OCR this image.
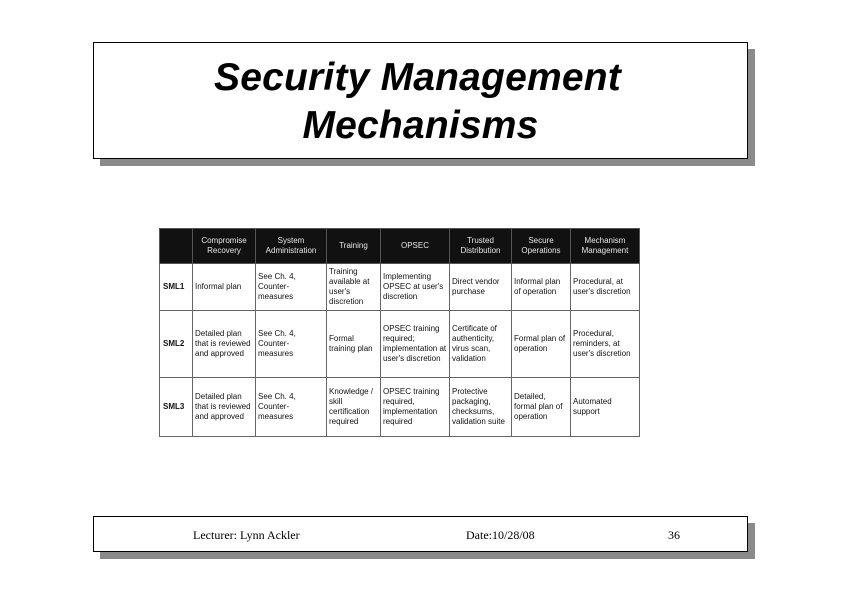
Security Management
Mechanisms
	Compromise Recovery	System Administration	Training	OPSEC	Trusted Distribution	Secure Operations	Mechanism Management
SML1	Informal plan	See Ch. 4, Counter-measures	Training available at user's discretion	Implementing OPSEC at user's discretion	Direct vendor purchase	Informal plan of operation	Procedural, at user's discretion
SML2	Detailed plan that is reviewed and approved	See Ch. 4, Counter-measures	Formal training plan	OPSEC training required; implementation at user's discretion	Certificate of authenticity, virus scan, validation	Formal plan of operation	Procedural, reminders, at user's discretion
SML3	Detailed plan that is reviewed and approved	See Ch. 4, Counter-measures	Knowledge / skill certification required	OPSEC training required, implementation required	Protective packaging, checksums, validation suite	Detailed, formal plan of operation	Automated support
Lecturer: Lynn Ackler	Date:10/28/08	36
